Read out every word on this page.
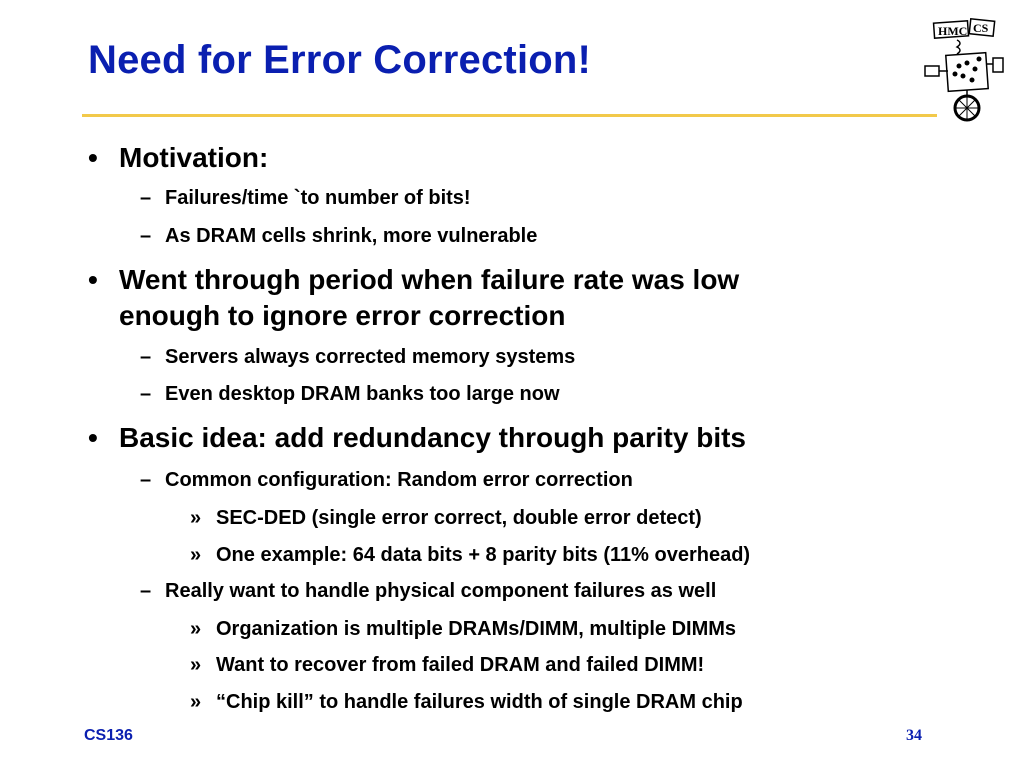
Need for Error Correction!
HMC CS
• Motivation:
– Failures/time `to number of bits!
– As DRAM cells shrink, more vulnerable
• Went through period when failure rate was low
enough to ignore error correction
– Servers always corrected memory systems
– Even desktop DRAM banks too large now
• Basic idea: add redundancy through parity bits
– Common configuration: Random error correction
» SEC-DED (single error correct, double error detect)
» One example: 64 data bits + 8 parity bits (11% overhead)
– Really want to handle physical component failures as well
» Organization is multiple DRAMs/DIMM, multiple DIMMs
» Want to recover from failed DRAM and failed DIMM!
» “Chip kill” to handle failures width of single DRAM chip
CS136	34
